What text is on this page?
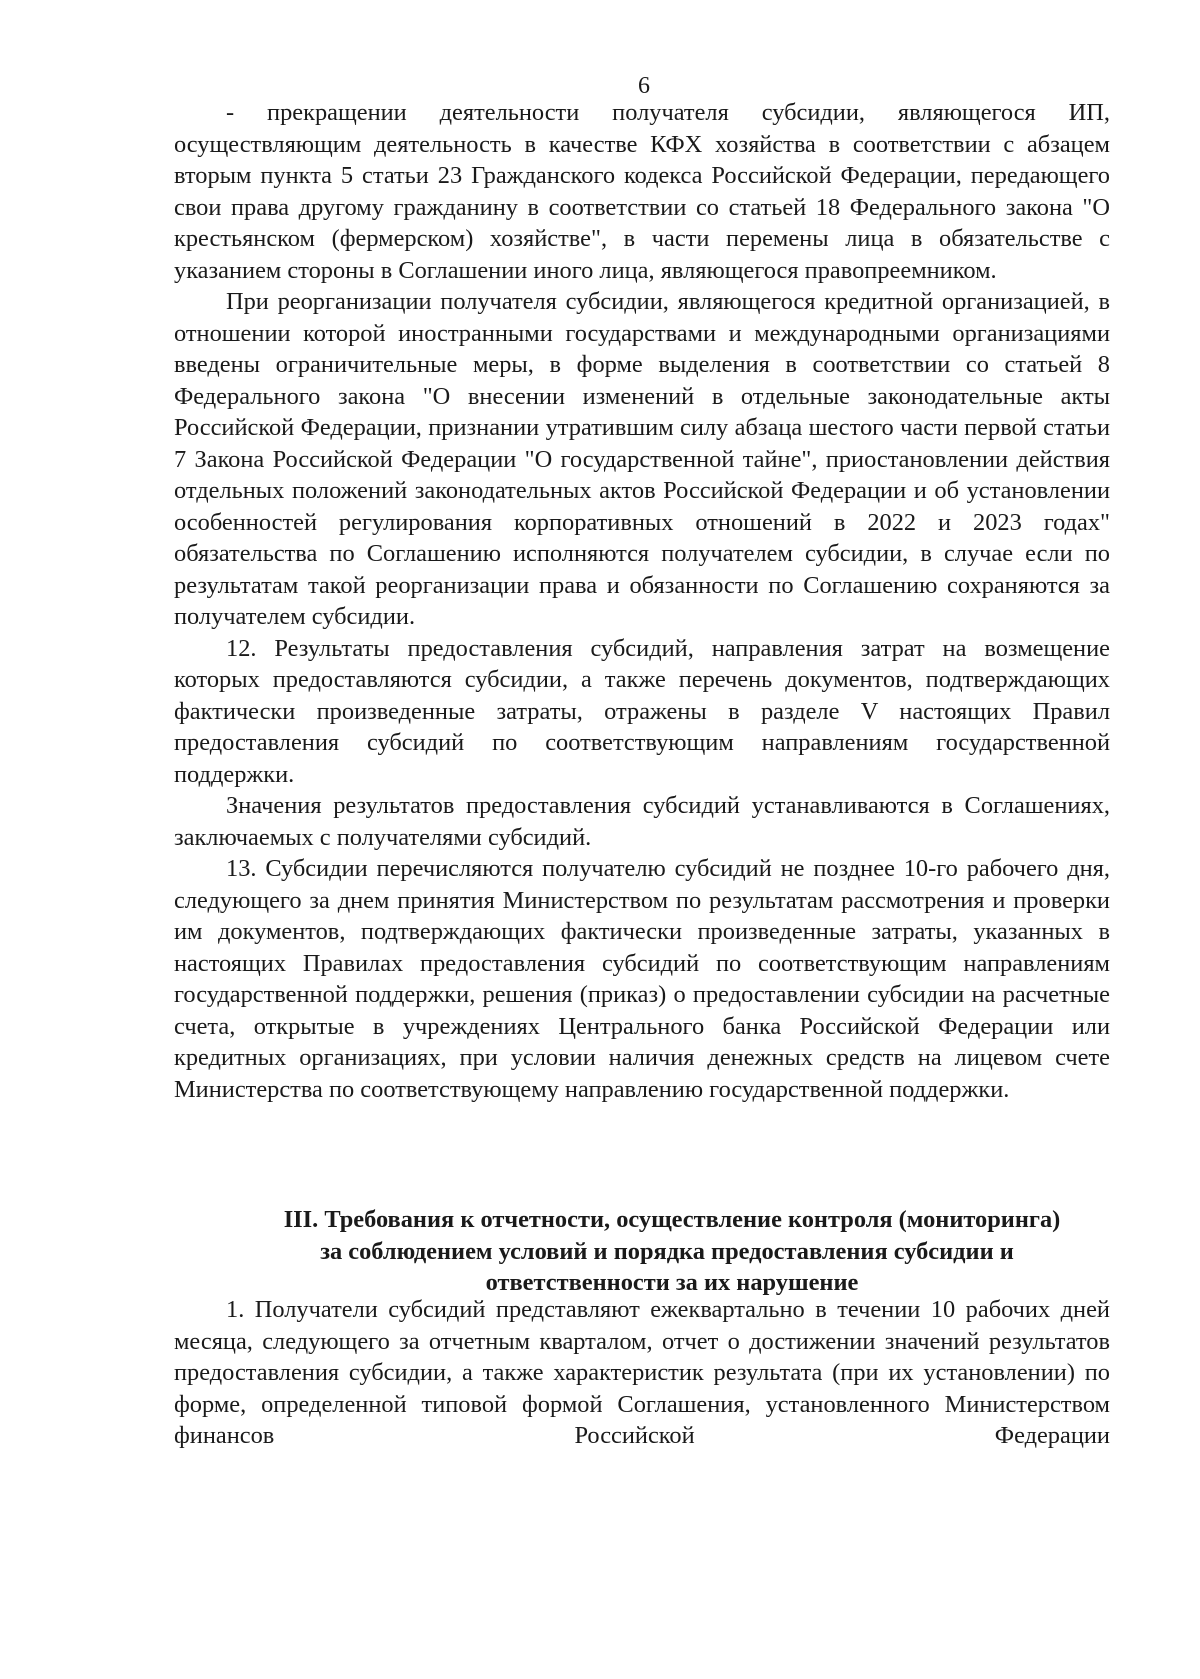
6

- прекращении деятельности получателя субсидии, являющегося ИП, осуществляющим деятельность в качестве КФХ хозяйства в соответствии с абзацем вторым пункта 5 статьи 23 Гражданского кодекса Российской Федерации, передающего свои права другому гражданину в соответствии со статьей 18 Федерального закона "О крестьянском (фермерском) хозяйстве", в части перемены лица в обязательстве с указанием стороны в Соглашении иного лица, являющегося правопреемником.

При реорганизации получателя субсидии, являющегося кредитной организацией, в отношении которой иностранными государствами и международными организациями введены ограничительные меры, в форме выделения в соответствии со статьей 8 Федерального закона "О внесении изменений в отдельные законодательные акты Российской Федерации, признании утратившим силу абзаца шестого части первой статьи 7 Закона Российской Федерации "О государственной тайне", приостановлении действия отдельных положений законодательных актов Российской Федерации и об установлении особенностей регулирования корпоративных отношений в 2022 и 2023 годах" обязательства по Соглашению исполняются получателем субсидии, в случае если по результатам такой реорганизации права и обязанности по Соглашению сохраняются за получателем субсидии.

12. Результаты предоставления субсидий, направления затрат на возмещение которых предоставляются субсидии, а также перечень документов, подтверждающих фактически произведенные затраты, отражены в разделе V настоящих Правил предоставления субсидий по соответствующим направлениям государственной поддержки.

Значения результатов предоставления субсидий устанавливаются в Соглашениях, заключаемых с получателями субсидий.

13. Субсидии перечисляются получателю субсидий не позднее 10-го рабочего дня, следующего за днем принятия Министерством по результатам рассмотрения и проверки им документов, подтверждающих фактически произведенные затраты, указанных в настоящих Правилах предоставления субсидий по соответствующим направлениям государственной поддержки, решения (приказ) о предоставлении субсидии на расчетные счета, открытые в учреждениях Центрального банка Российской Федерации или кредитных организациях, при условии наличия денежных средств на лицевом счете Министерства по соответствующему направлению государственной поддержки.

III. Требования к отчетности, осуществление контроля (мониторинга)
за соблюдением условий и порядка предоставления субсидии и
ответственности за их нарушение

1. Получатели субсидий представляют ежеквартально в течении 10 рабочих дней месяца, следующего за отчетным кварталом, отчет о достижении значений результатов предоставления субсидии, а также характеристик результата (при их установлении) по форме, определенной типовой формой Соглашения, установленного Министерством финансов Российской Федерации
